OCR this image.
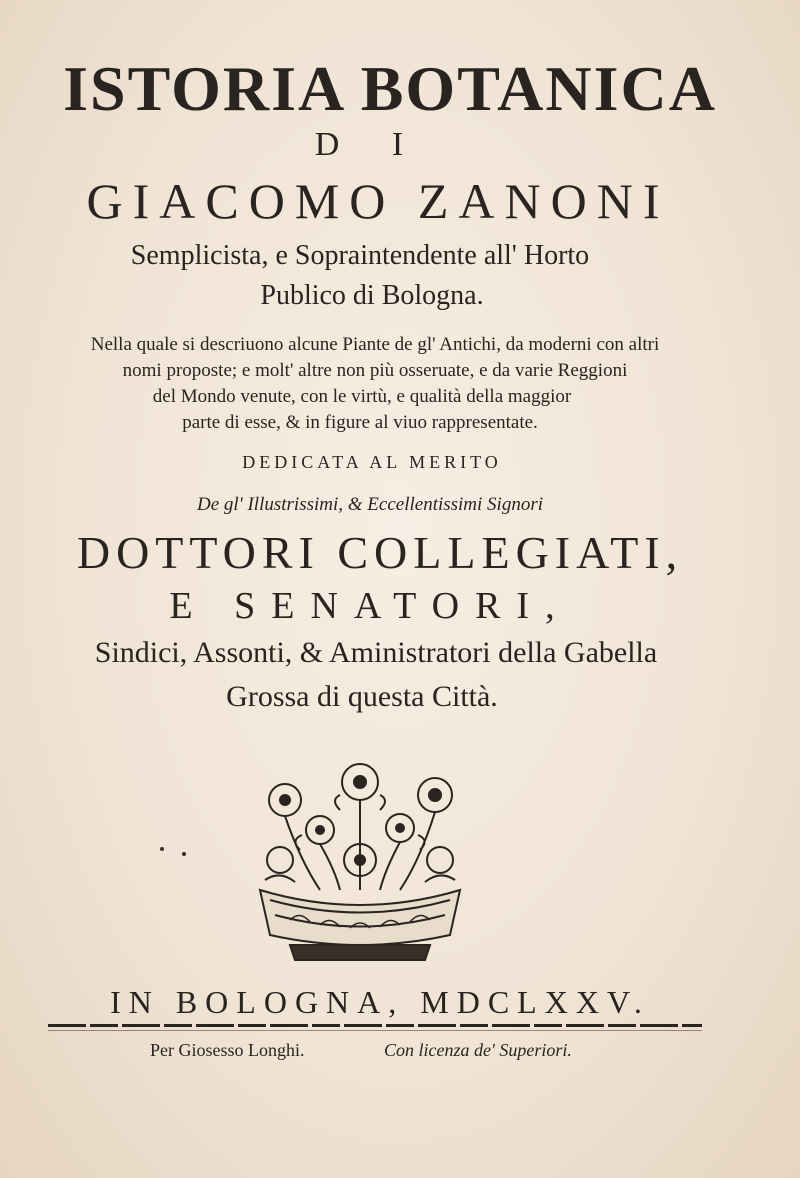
ISTORIA BOTANICA
D I
GIACOMO ZANONI
Semplicista, e Sopraintendente all' Horto
Publico di Bologna.
Nella quale si descriuono alcune Piante de gl' Antichi, da moderni con altri
nomi proposte; e molt' altre non più osseruate, e da varie Reggioni
del Mondo venute, con le virtù, e qualità della maggior
parte di esse, & in figure al viuo rappresentate.
DEDICATA AL MERITO
De gl' Illustrissimi, & Eccellentissimi Signori
DOTTORI COLLEGIATI,
E SENATORI,
Sindici, Assonti, & Aministratori della Gabella
Grossa di questa Città.
IN BOLOGNA, MDCLXXV.
Per Giosesso Longhi.	Con licenza de' Superiori.
